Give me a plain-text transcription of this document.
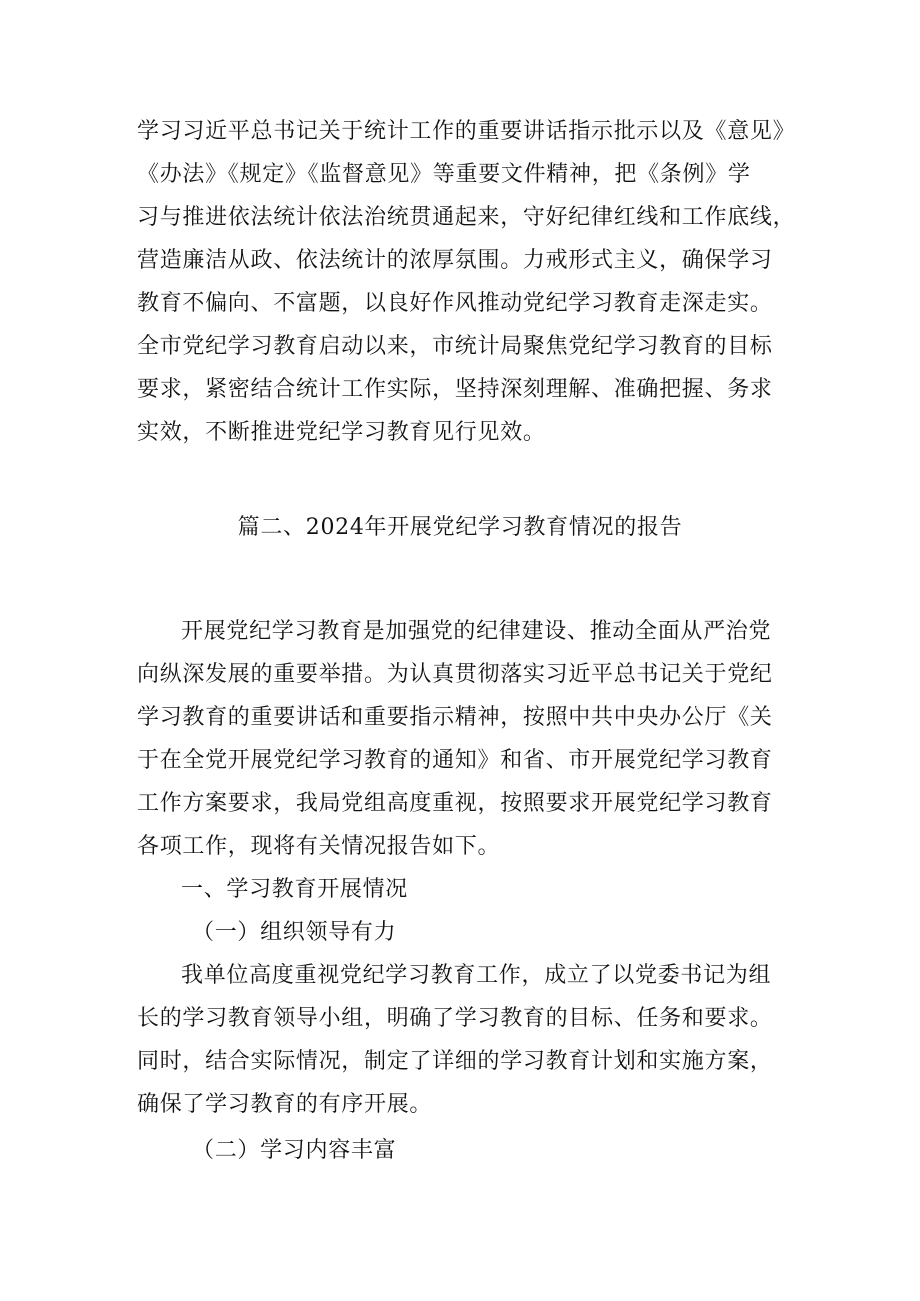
学习习近平总书记关于统计工作的重要讲话指示批示以及《意见》
《办法》《规定》《监督意见》等重要文件精神，把《条例》学
习与推进依法统计依法治统贯通起来，守好纪律红线和工作底线，
营造廉洁从政、依法统计的浓厚氛围。力戒形式主义，确保学习
教育不偏向、不富题，以良好作风推动党纪学习教育走深走实。
全市党纪学习教育启动以来，市统计局聚焦党纪学习教育的目标
要求，紧密结合统计工作实际，坚持深刻理解、准确把握、务求
实效，不断推进党纪学习教育见行见效。
篇二、2024年开展党纪学习教育情况的报告
开展党纪学习教育是加强党的纪律建设、推动全面从严治党
向纵深发展的重要举措。为认真贯彻落实习近平总书记关于党纪
学习教育的重要讲话和重要指示精神，按照中共中央办公厅《关
于在全党开展党纪学习教育的通知》和省、市开展党纪学习教育
工作方案要求，我局党组高度重视，按照要求开展党纪学习教育
各项工作，现将有关情况报告如下。
一、学习教育开展情况
（一）组织领导有力
我单位高度重视党纪学习教育工作，成立了以党委书记为组
长的学习教育领导小组，明确了学习教育的目标、任务和要求。
同时，结合实际情况，制定了详细的学习教育计划和实施方案，
确保了学习教育的有序开展。
（二）学习内容丰富
